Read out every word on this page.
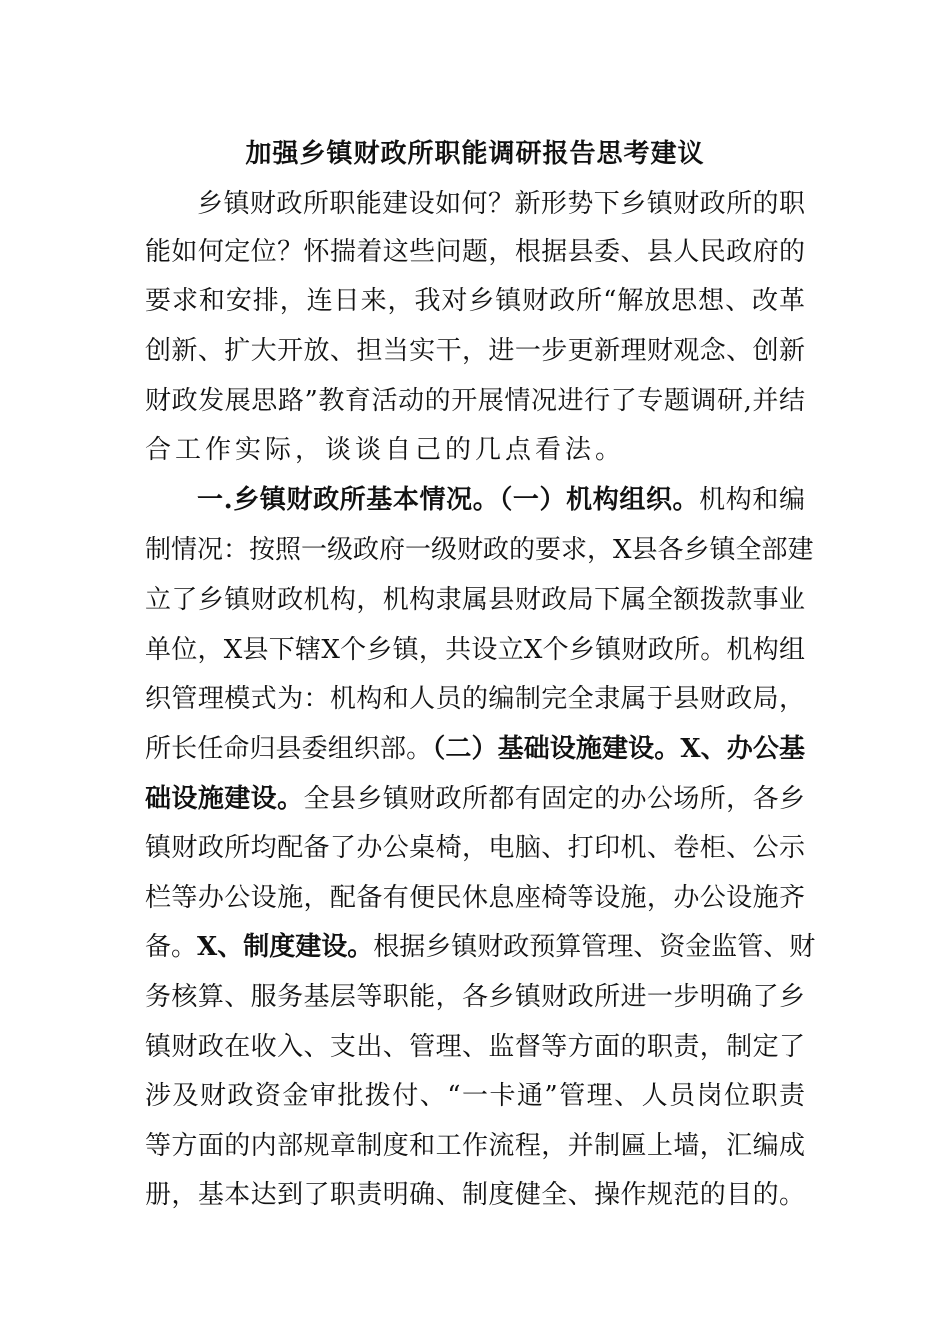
加强乡镇财政所职能调研报告思考建议
乡镇财政所职能建设如何？新形势下乡镇财政所的职
能如何定位？怀揣着这些问题，根据县委、县人民政府的
要求和安排，连日来，我对乡镇财政所“解放思想、改革
创新、扩大开放、担当实干，进一步更新理财观念、创新
财政发展思路”教育活动的开展情况进行了专题调研,并结
合工作实际，谈谈自己的几点看法。
一.乡镇财政所基本情况。（一）机构组织。机构和编
制情况：按照一级政府一级财政的要求，X县各乡镇全部建
立了乡镇财政机构，机构隶属县财政局下属全额拨款事业
单位，X县下辖X个乡镇，共设立X个乡镇财政所。机构组
织管理模式为：机构和人员的编制完全隶属于县财政局，
所长任命归县委组织部。（二）基础设施建设。X、办公基
础设施建设。全县乡镇财政所都有固定的办公场所，各乡
镇财政所均配备了办公桌椅，电脑、打印机、卷柜、公示
栏等办公设施，配备有便民休息座椅等设施，办公设施齐
备。X、制度建设。根据乡镇财政预算管理、资金监管、财
务核算、服务基层等职能，各乡镇财政所进一步明确了乡
镇财政在收入、支出、管理、监督等方面的职责，制定了
涉及财政资金审批拨付、“一卡通”管理、人员岗位职责
等方面的内部规章制度和工作流程，并制匾上墙，汇编成
册，基本达到了职责明确、制度健全、操作规范的目的。
